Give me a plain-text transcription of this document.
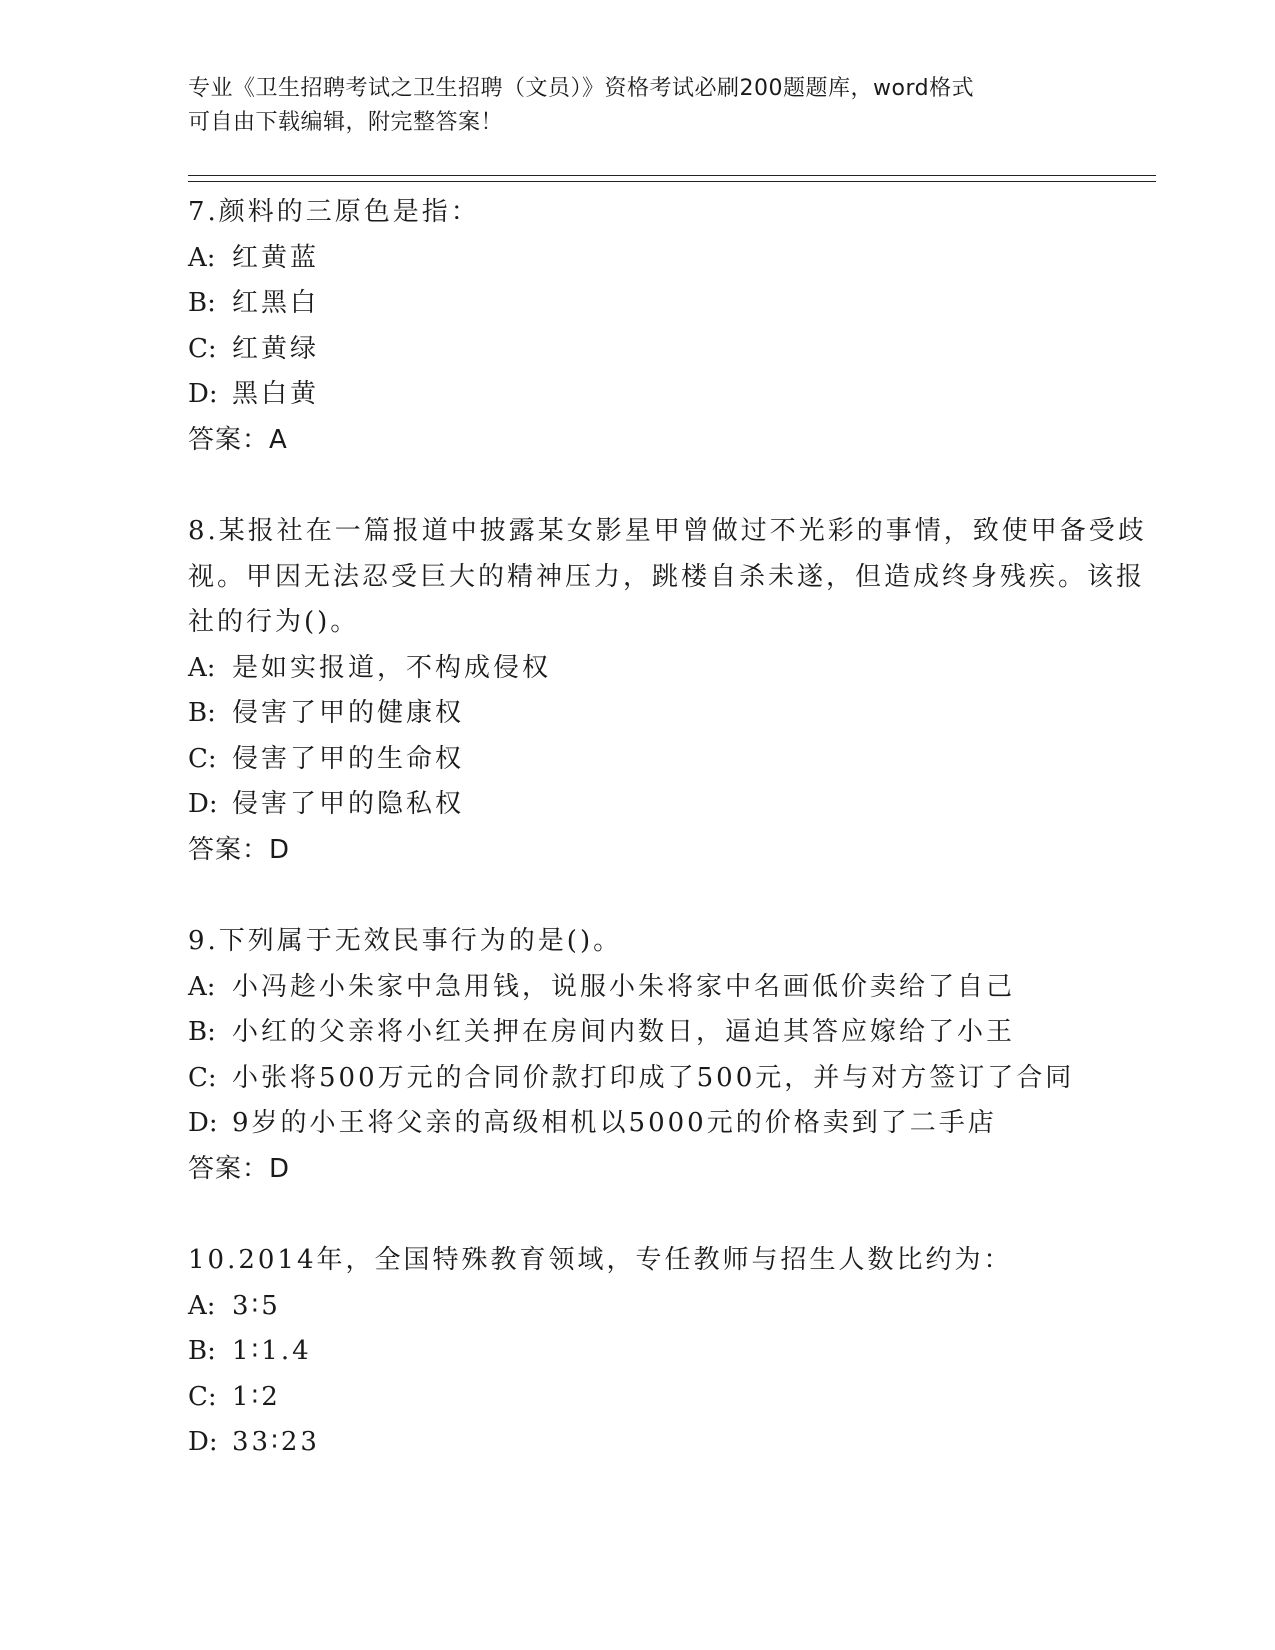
专业《卫生招聘考试之卫生招聘（文员）》资格考试必刷200题题库，word格式
可自由下载编辑，附完整答案！
7.颜料的三原色是指：
A: 红黄蓝
B: 红黑白
C: 红黄绿
D: 黑白黄
答案：A
8.某报社在一篇报道中披露某女影星甲曾做过不光彩的事情，致使甲备受歧视。甲因无法忍受巨大的精神压力，跳楼自杀未遂，但造成终身残疾。该报社的行为()。
A: 是如实报道，不构成侵权
B: 侵害了甲的健康权
C: 侵害了甲的生命权
D: 侵害了甲的隐私权
答案：D
9.下列属于无效民事行为的是()。
A: 小冯趁小朱家中急用钱，说服小朱将家中名画低价卖给了自己
B: 小红的父亲将小红关押在房间内数日，逼迫其答应嫁给了小王
C: 小张将500万元的合同价款打印成了500元，并与对方签订了合同
D: 9岁的小王将父亲的高级相机以5000元的价格卖到了二手店
答案：D
10.2014年，全国特殊教育领域，专任教师与招生人数比约为：
A: 3∶5
B: 1∶1.4
C: 1∶2
D: 33∶23
